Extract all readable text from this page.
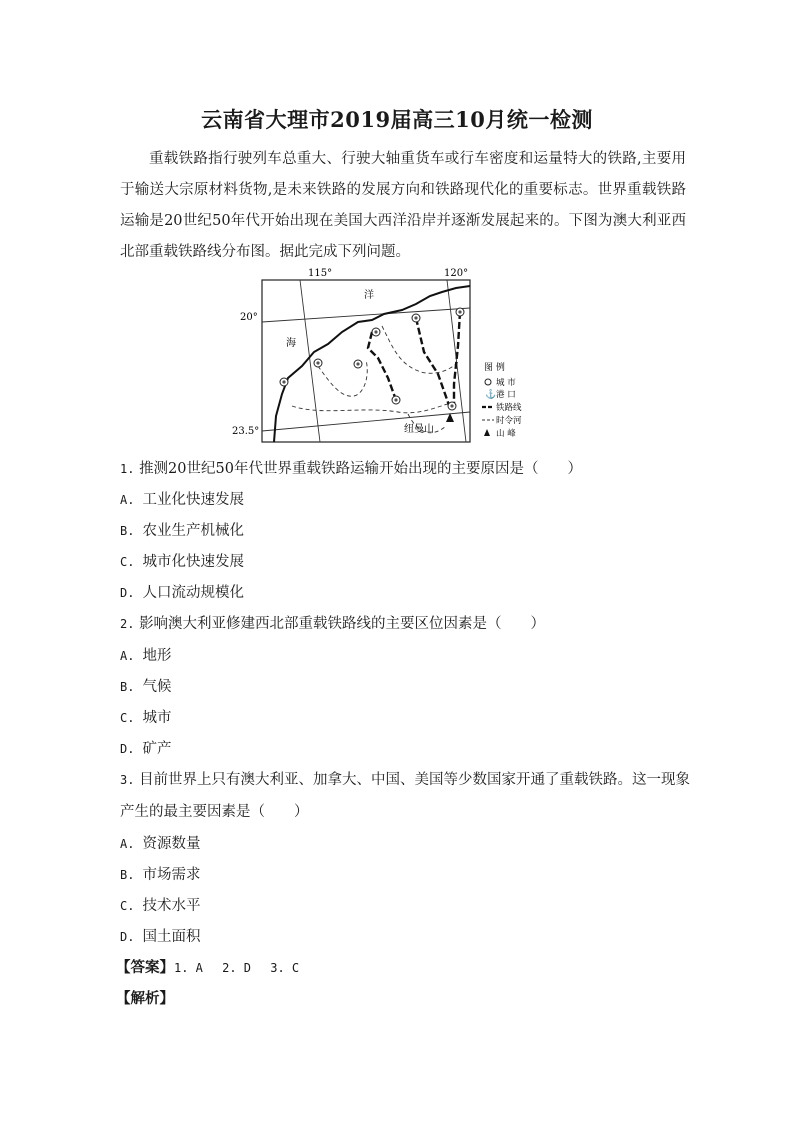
云南省大理市2019届高三10月统一检测
重载铁路指行驶列车总重大、行驶大轴重货车或行车密度和运量特大的铁路,主要用于输送大宗原材料货物,是未来铁路的发展方向和铁路现代化的重要标志。世界重载铁路运输是20世纪50年代开始出现在美国大西洋沿岸并逐渐发展起来的。下图为澳大利亚西北部重载铁路线分布图。据此完成下列问题。
115°	120°
20°
23.5°
洋
海
纽曼山
图 例
城 市
⚓ 港 口
铁路线
时令河
山 峰
1. 推测20世纪50年代世界重载铁路运输开始出现的主要原因是（　　）
A. 工业化快速发展
B. 农业生产机械化
C. 城市化快速发展
D. 人口流动规模化
2. 影响澳大利亚修建西北部重载铁路线的主要区位因素是（　　）
A. 地形
B. 气候
C. 城市
D. 矿产
3. 目前世界上只有澳大利亚、加拿大、中国、美国等少数国家开通了重载铁路。这一现象
产生的最主要因素是（　　）
A. 资源数量
B. 市场需求
C. 技术水平
D. 国土面积
【答案】1. A　 2. D　 3. C
【解析】
